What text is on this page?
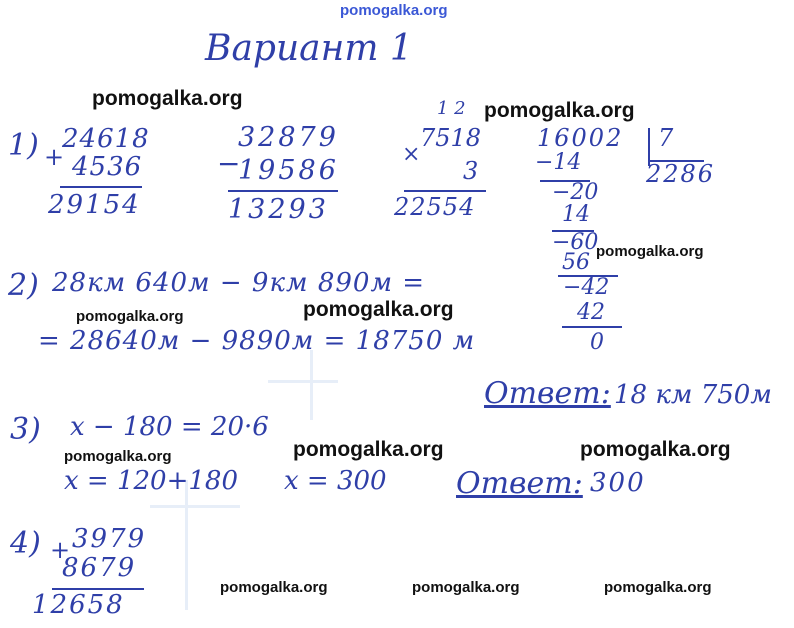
pomogalka.org
Вариант 1
pomogalka.org
pomogalka.org
pomogalka.org
pomogalka.org	pomogalka.org
pomogalka.org	pomogalka.org	pomogalka.org
pomogalka.org	pomogalka.org	pomogalka.org
1) +
24618
4536
29154
−
32879
19586
13293
1 2
×
7518
3
22554
16002 7
2286
−14
−20
14
−60
56
−42
42
0
2) 28км 640м − 9км 890м =
= 28640м − 9890м = 18750 м
Ответ: 18 км 750м
3) x − 180 = 20·6
x = 120+180 x = 300 Ответ: 300
4) + 3979
8679
12658
